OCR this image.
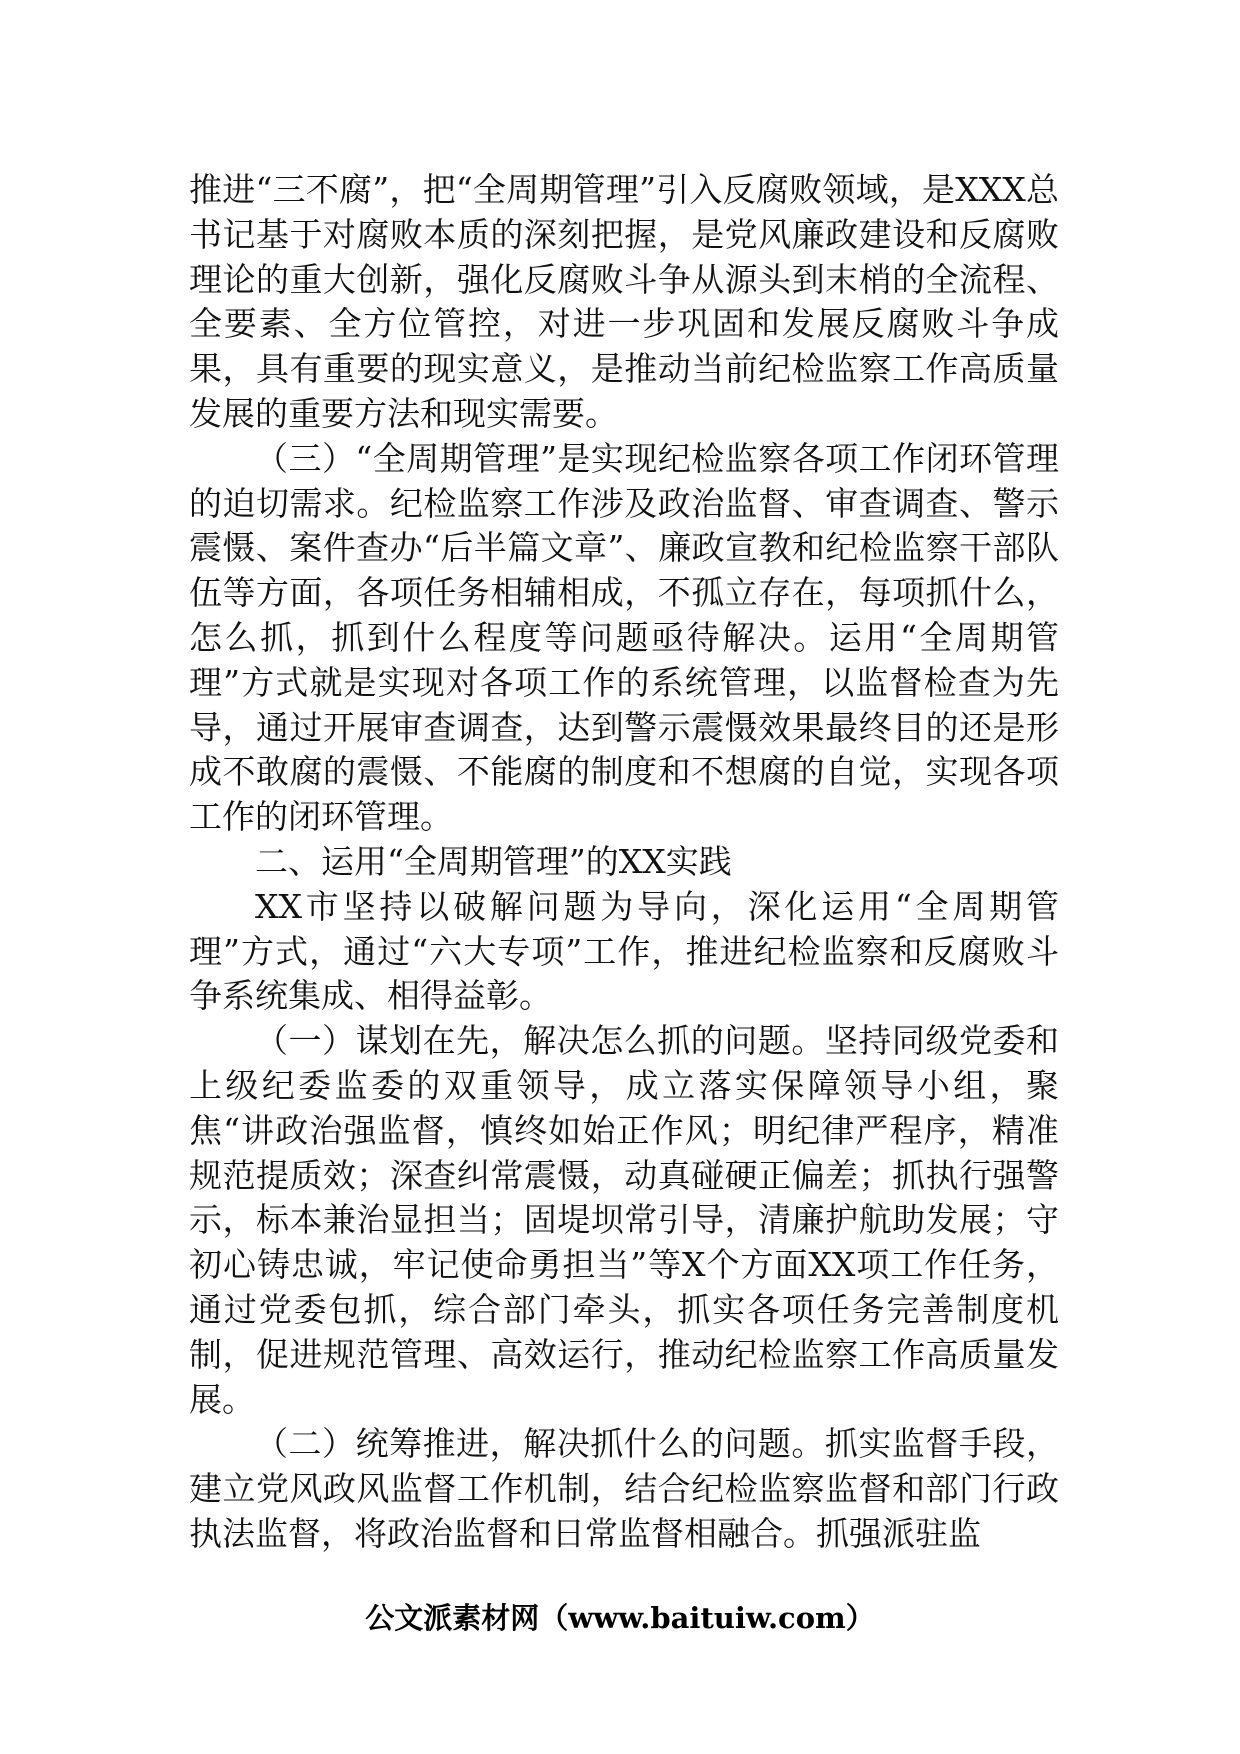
推进“三不腐”，把“全周期管理”引入反腐败领域，是XXX总书记基于对腐败本质的深刻把握，是党风廉政建设和反腐败理论的重大创新，强化反腐败斗争从源头到末梢的全流程、全要素、全方位管控，对进一步巩固和发展反腐败斗争成果，具有重要的现实意义，是推动当前纪检监察工作高质量发展的重要方法和现实需要。

（三）“全周期管理”是实现纪检监察各项工作闭环管理的迫切需求。纪检监察工作涉及政治监督、审查调查、警示震慑、案件查办“后半篇文章”、廉政宣教和纪检监察干部队伍等方面，各项任务相辅相成，不孤立存在，每项抓什么，怎么抓，抓到什么程度等问题亟待解决。运用“全周期管理”方式就是实现对各项工作的系统管理，以监督检查为先导，通过开展审查调查，达到警示震慑效果最终目的还是形成不敢腐的震慑、不能腐的制度和不想腐的自觉，实现各项工作的闭环管理。

二、运用“全周期管理”的XX实践

XX市坚持以破解问题为导向，深化运用“全周期管理”方式，通过“六大专项”工作，推进纪检监察和反腐败斗争系统集成、相得益彰。

（一）谋划在先，解决怎么抓的问题。坚持同级党委和上级纪委监委的双重领导，成立落实保障领导小组，聚焦“讲政治强监督，慎终如始正作风；明纪律严程序，精准规范提质效；深查纠常震慑，动真碰硬正偏差；抓执行强警示，标本兼治显担当；固堤坝常引导，清廉护航助发展；守初心铸忠诚，牢记使命勇担当”等X个方面XX项工作任务，通过党委包抓，综合部门牵头，抓实各项任务完善制度机制，促进规范管理、高效运行，推动纪检监察工作高质量发展。

（二）统筹推进，解决抓什么的问题。抓实监督手段，建立党风政风监督工作机制，结合纪检监察监督和部门行政执法监督，将政治监督和日常监督相融合。抓强派驻监

公文派素材网（www.baituiw.com）
